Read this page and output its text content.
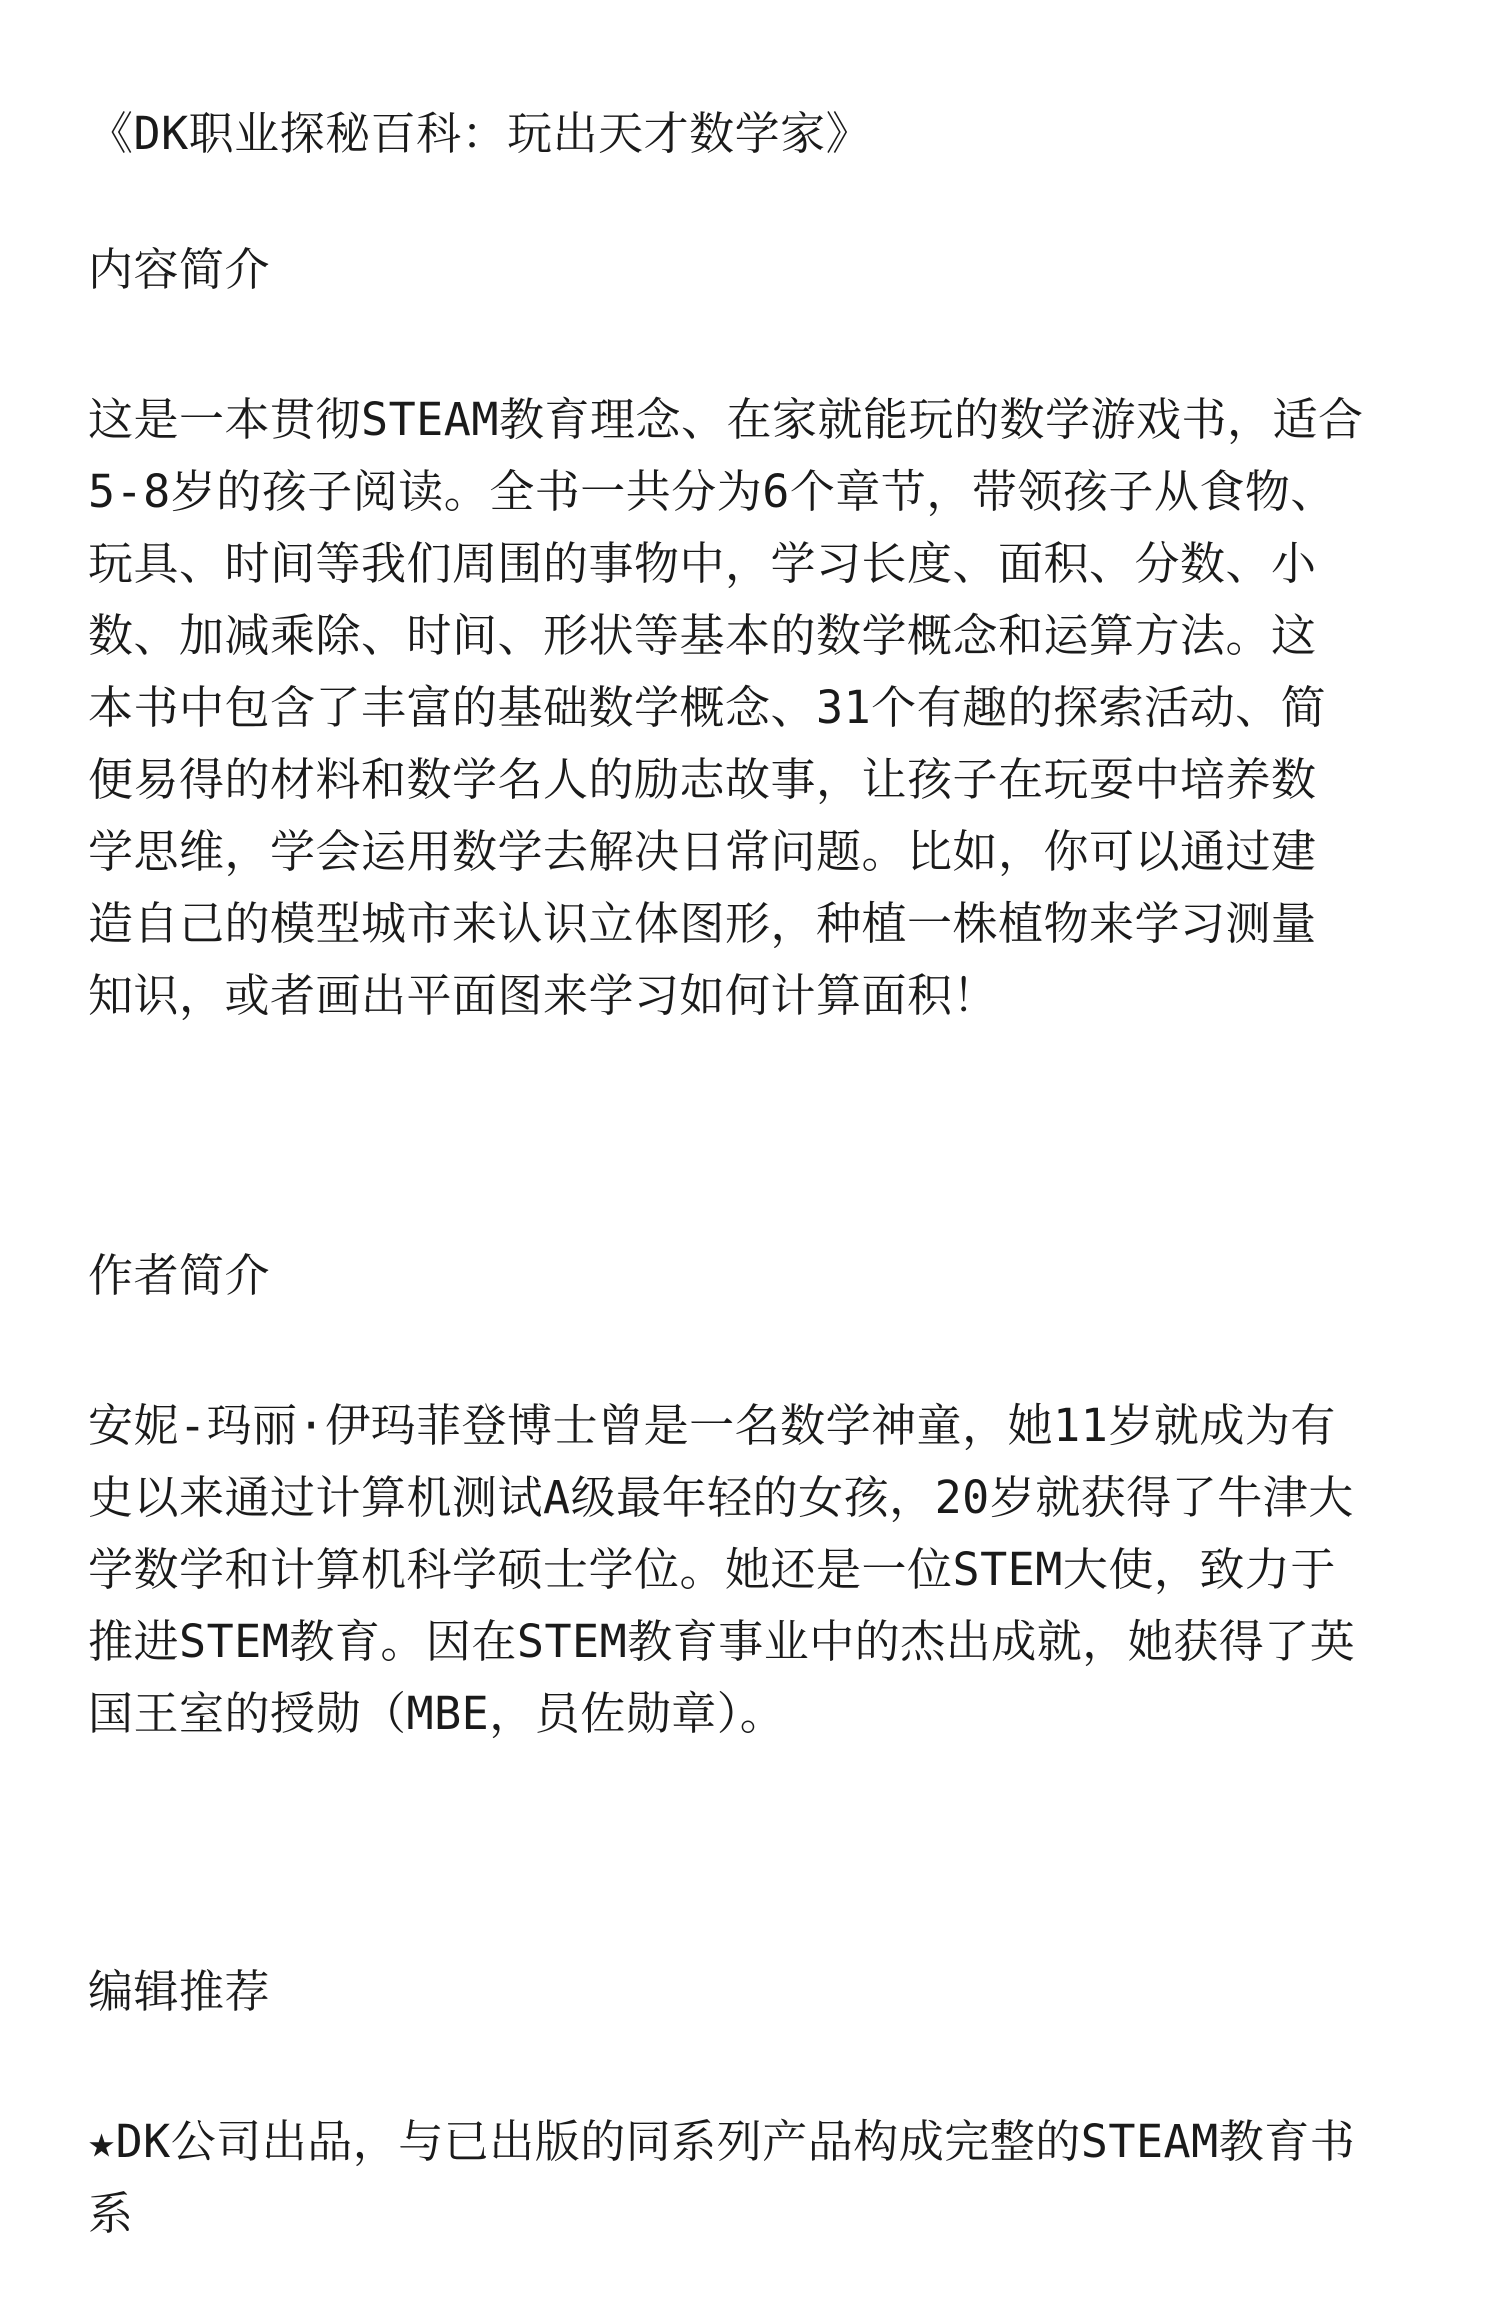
《DK职业探秘百科：玩出天才数学家》
内容简介
这是一本贯彻STEAM教育理念、在家就能玩的数学游戏书，适合
5-8岁的孩子阅读。全书一共分为6个章节，带领孩子从食物、
玩具、时间等我们周围的事物中，学习长度、面积、分数、小
数、加减乘除、时间、形状等基本的数学概念和运算方法。这
本书中包含了丰富的基础数学概念、31个有趣的探索活动、简
便易得的材料和数学名人的励志故事，让孩子在玩耍中培养数
学思维，学会运用数学去解决日常问题。比如，你可以通过建
造自己的模型城市来认识立体图形，种植一株植物来学习测量
知识，或者画出平面图来学习如何计算面积！
作者简介
安妮-玛丽·伊玛菲登博士曾是一名数学神童，她11岁就成为有
史以来通过计算机测试A级最年轻的女孩，20岁就获得了牛津大
学数学和计算机科学硕士学位。她还是一位STEM大使，致力于
推进STEM教育。因在STEM教育事业中的杰出成就，她获得了英
国王室的授勋（MBE，员佐勋章）。
编辑推荐
★DK公司出品，与已出版的同系列产品构成完整的STEAM教育书
系
